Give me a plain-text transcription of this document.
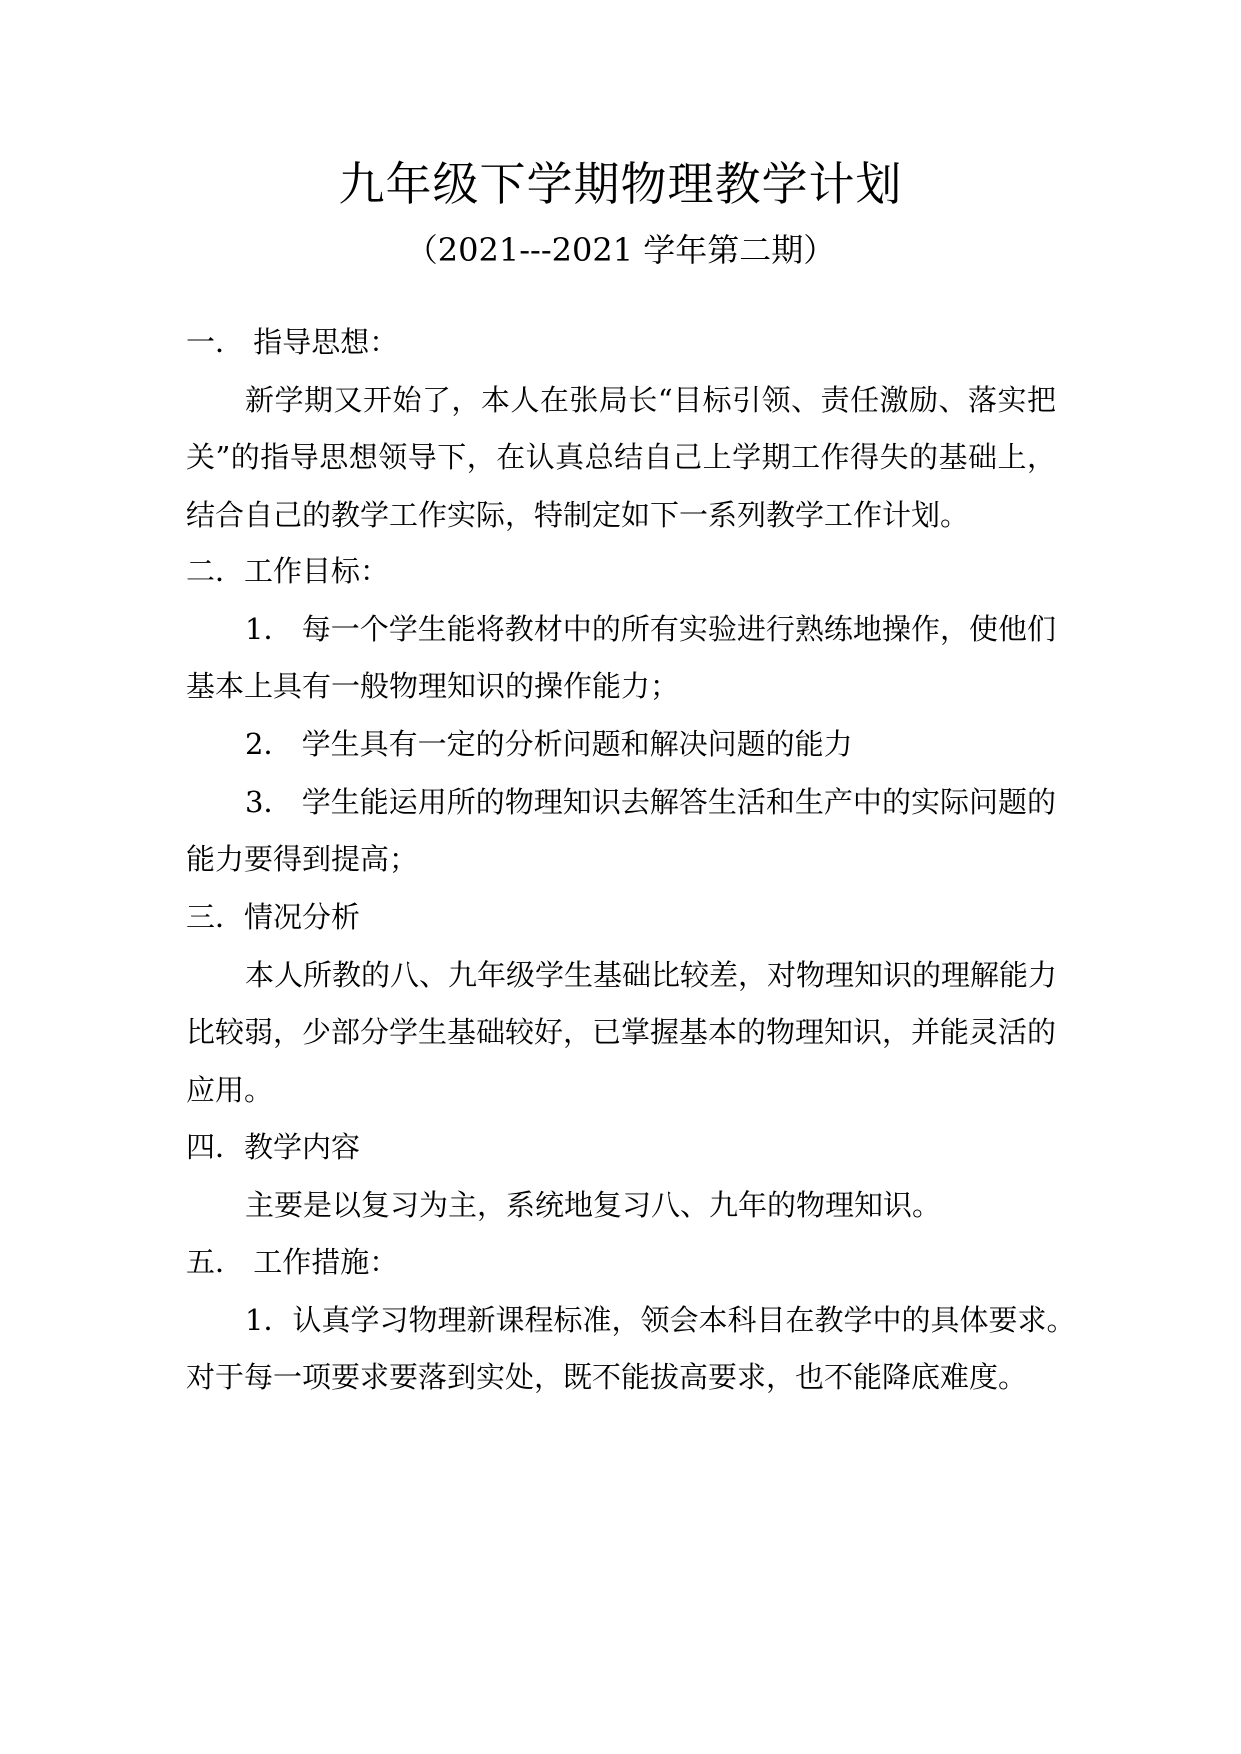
九年级下学期物理教学计划
（2021---2021 学年第二期）
一． 指导思想：
新学期又开始了，本人在张局长“目标引领、责任激励、落实把
关”的指导思想领导下，在认真总结自己上学期工作得失的基础上，
结合自己的教学工作实际，特制定如下一系列教学工作计划。
二．工作目标：
1． 每一个学生能将教材中的所有实验进行熟练地操作，使他们
基本上具有一般物理知识的操作能力；
2． 学生具有一定的分析问题和解决问题的能力
3． 学生能运用所的物理知识去解答生活和生产中的实际问题的
能力要得到提高；
三．情况分析
本人所教的八、九年级学生基础比较差，对物理知识的理解能力
比较弱，少部分学生基础较好，已掌握基本的物理知识，并能灵活的
应用。
四．教学内容
主要是以复习为主，系统地复习八、九年的物理知识。
五． 工作措施：
1．认真学习物理新课程标准，领会本科目在教学中的具体要求。
对于每一项要求要落到实处，既不能拔高要求，也不能降底难度。
